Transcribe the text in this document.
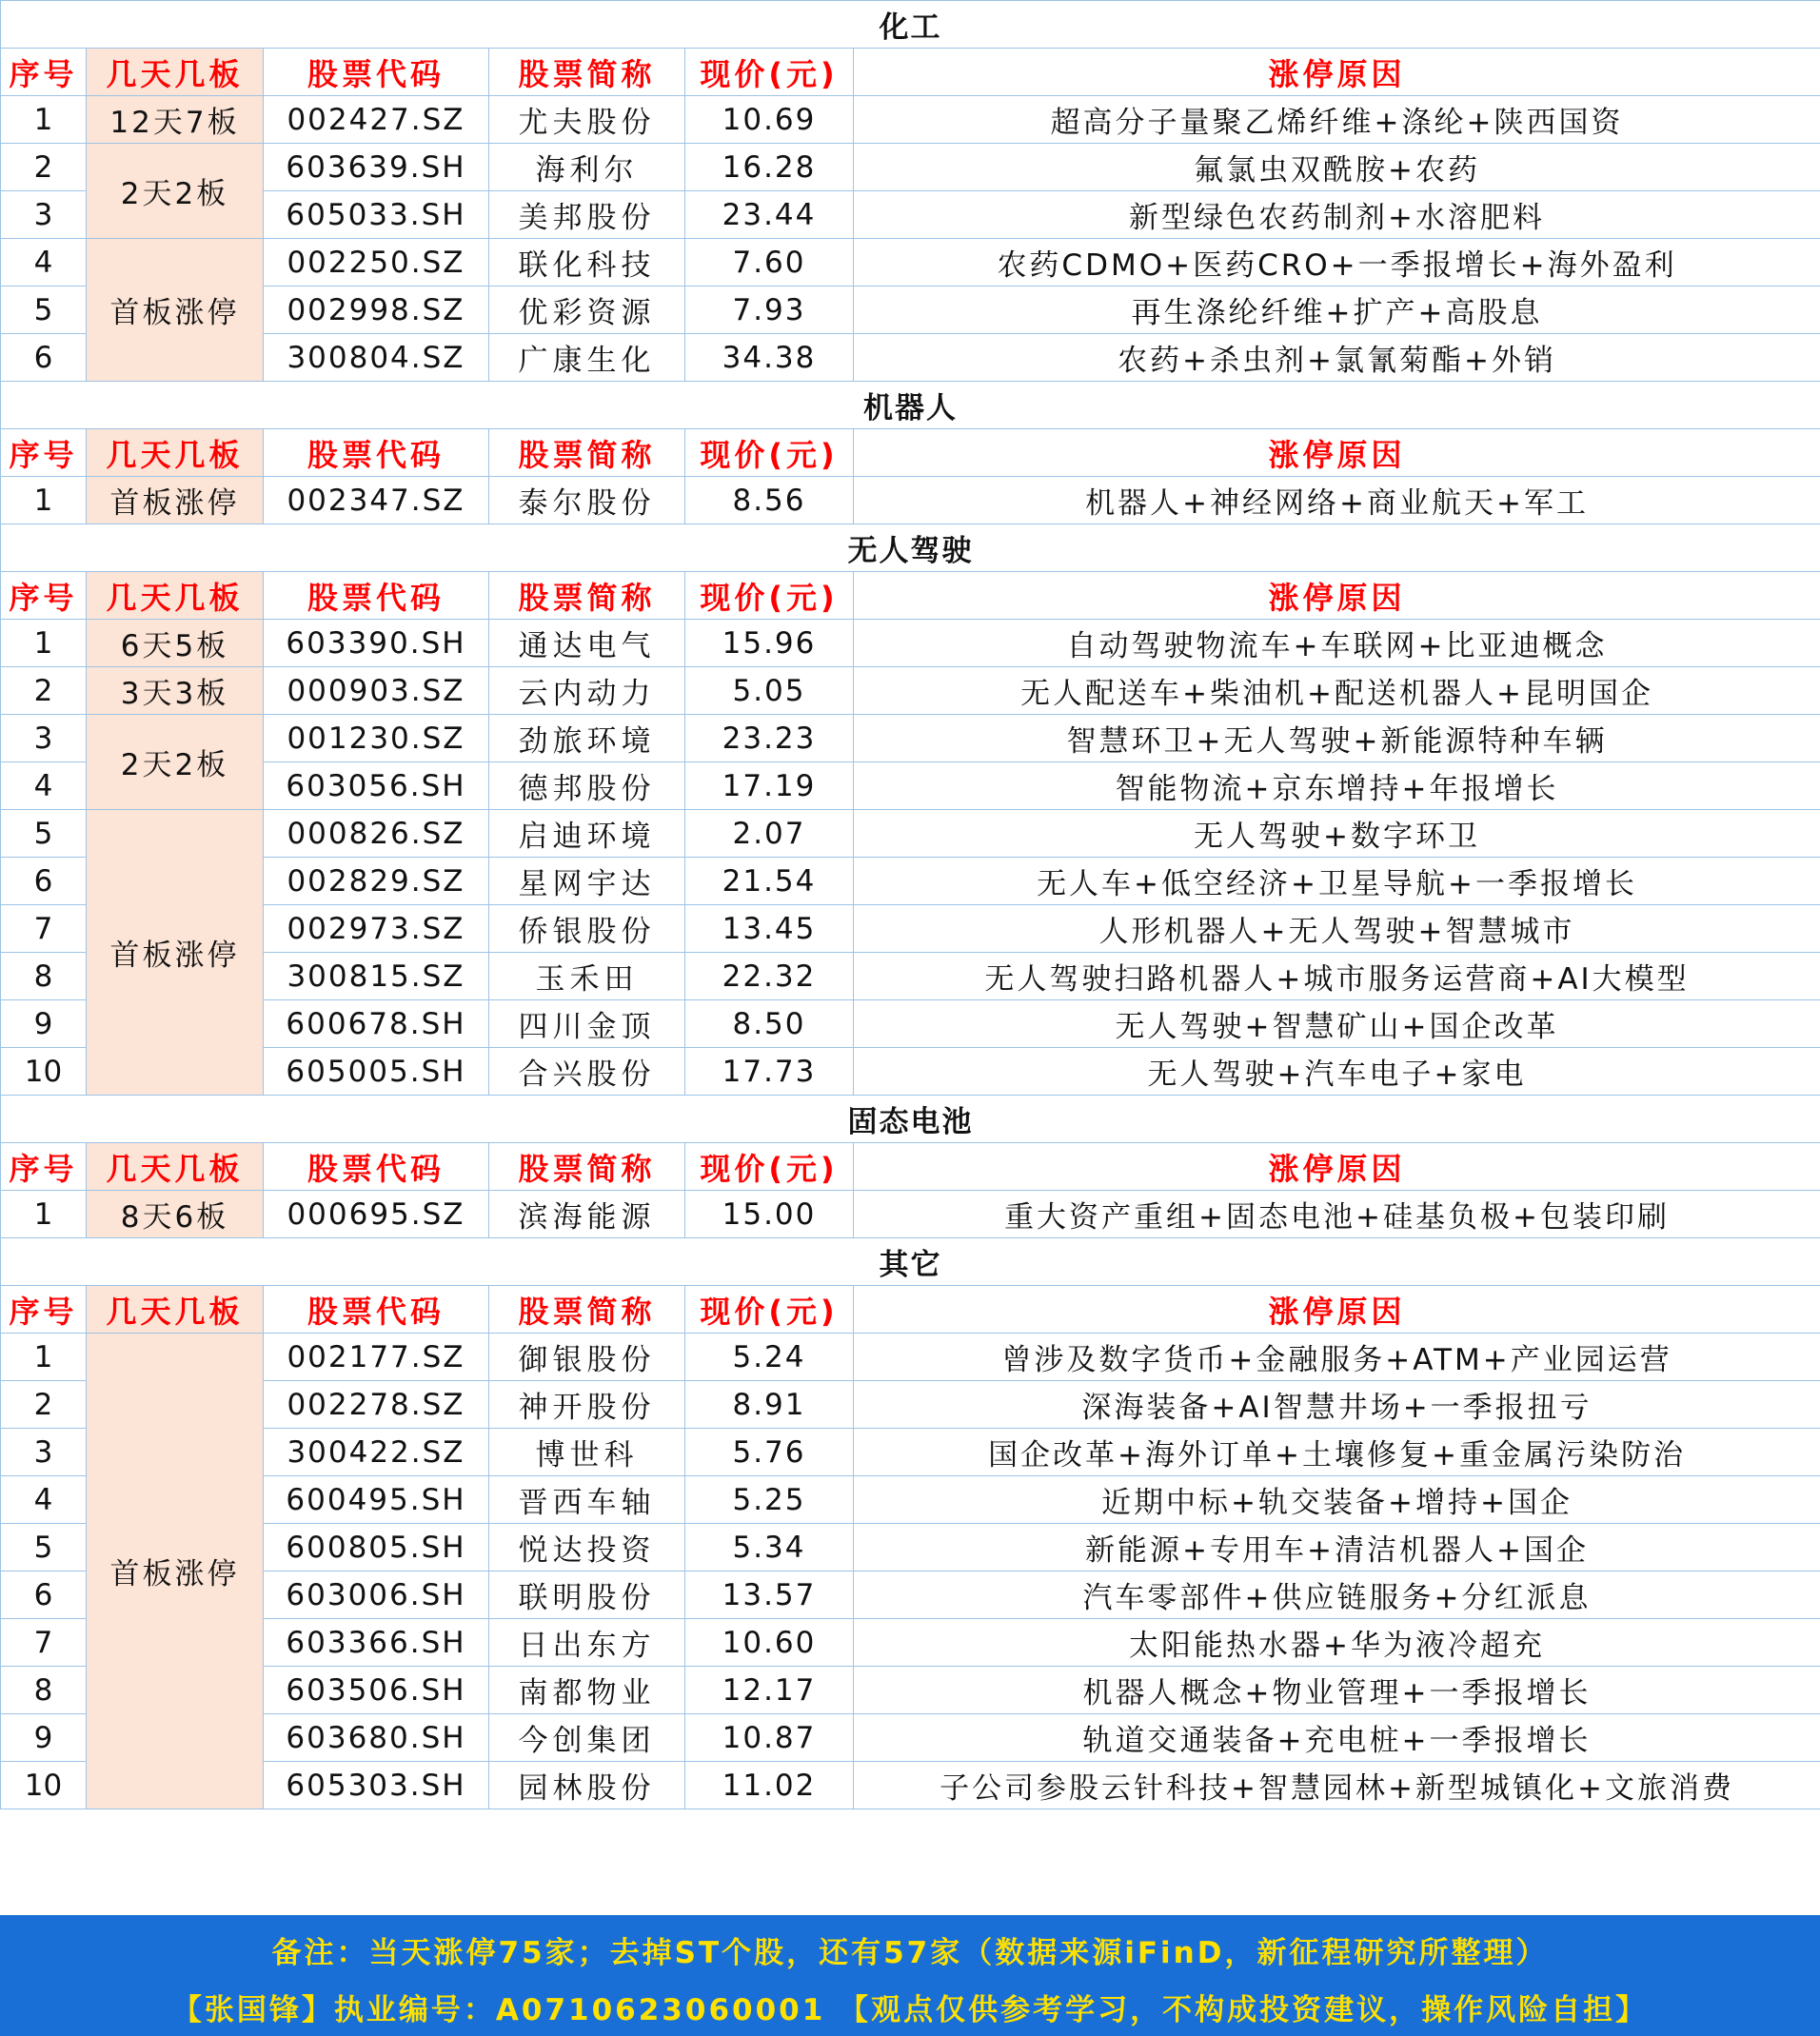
化工					
序号	几天几板	股票代码	股票简称	现价(元)	涨停原因
1	12天7板	002427.SZ	尤夫股份	10.69	超高分子量聚乙烯纤维+涤纶+陕西国资
2	2天2板	603639.SH	海利尔	16.28	氟氯虫双酰胺+农药
3		605033.SH	美邦股份	23.44	新型绿色农药制剂+水溶肥料
4	首板涨停	002250.SZ	联化科技	7.60	农药CDMO+医药CRO+一季报增长+海外盈利
5		002998.SZ	优彩资源	7.93	再生涤纶纤维+扩产+高股息
6		300804.SZ	广康生化	34.38	农药+杀虫剂+氯氰菊酯+外销
机器人					
序号	几天几板	股票代码	股票简称	现价(元)	涨停原因
1	首板涨停	002347.SZ	泰尔股份	8.56	机器人+神经网络+商业航天+军工
无人驾驶					
序号	几天几板	股票代码	股票简称	现价(元)	涨停原因
1	6天5板	603390.SH	通达电气	15.96	自动驾驶物流车+车联网+比亚迪概念
2	3天3板	000903.SZ	云内动力	5.05	无人配送车+柴油机+配送机器人+昆明国企
3	2天2板	001230.SZ	劲旅环境	23.23	智慧环卫+无人驾驶+新能源特种车辆
4		603056.SH	德邦股份	17.19	智能物流+京东增持+年报增长
5	首板涨停	000826.SZ	启迪环境	2.07	无人驾驶+数字环卫
6		002829.SZ	星网宇达	21.54	无人车+低空经济+卫星导航+一季报增长
7		002973.SZ	侨银股份	13.45	人形机器人+无人驾驶+智慧城市
8		300815.SZ	玉禾田	22.32	无人驾驶扫路机器人+城市服务运营商+AI大模型
9		600678.SH	四川金顶	8.50	无人驾驶+智慧矿山+国企改革
10		605005.SH	合兴股份	17.73	无人驾驶+汽车电子+家电
固态电池					
序号	几天几板	股票代码	股票简称	现价(元)	涨停原因
1	8天6板	000695.SZ	滨海能源	15.00	重大资产重组+固态电池+硅基负极+包装印刷
其它					
序号	几天几板	股票代码	股票简称	现价(元)	涨停原因
1	首板涨停	002177.SZ	御银股份	5.24	曾涉及数字货币+金融服务+ATM+产业园运营
2		002278.SZ	神开股份	8.91	深海装备+AI智慧井场+一季报扭亏
3		300422.SZ	博世科	5.76	国企改革+海外订单+土壤修复+重金属污染防治
4		600495.SH	晋西车轴	5.25	近期中标+轨交装备+增持+国企
5		600805.SH	悦达投资	5.34	新能源+专用车+清洁机器人+国企
6		603006.SH	联明股份	13.57	汽车零部件+供应链服务+分红派息
7		603366.SH	日出东方	10.60	太阳能热水器+华为液冷超充
8		603506.SH	南都物业	12.17	机器人概念+物业管理+一季报增长
9		603680.SH	今创集团	10.87	轨道交通装备+充电桩+一季报增长
10		605303.SH	园林股份	11.02	子公司参股云针科技+智慧园林+新型城镇化+文旅消费
备注：当天涨停75家；去掉ST个股，还有57家（数据来源iFinD，新征程研究所整理）
【张国锋】执业编号：A0710623060001 【观点仅供参考学习，不构成投资建议，操作风险自担】
